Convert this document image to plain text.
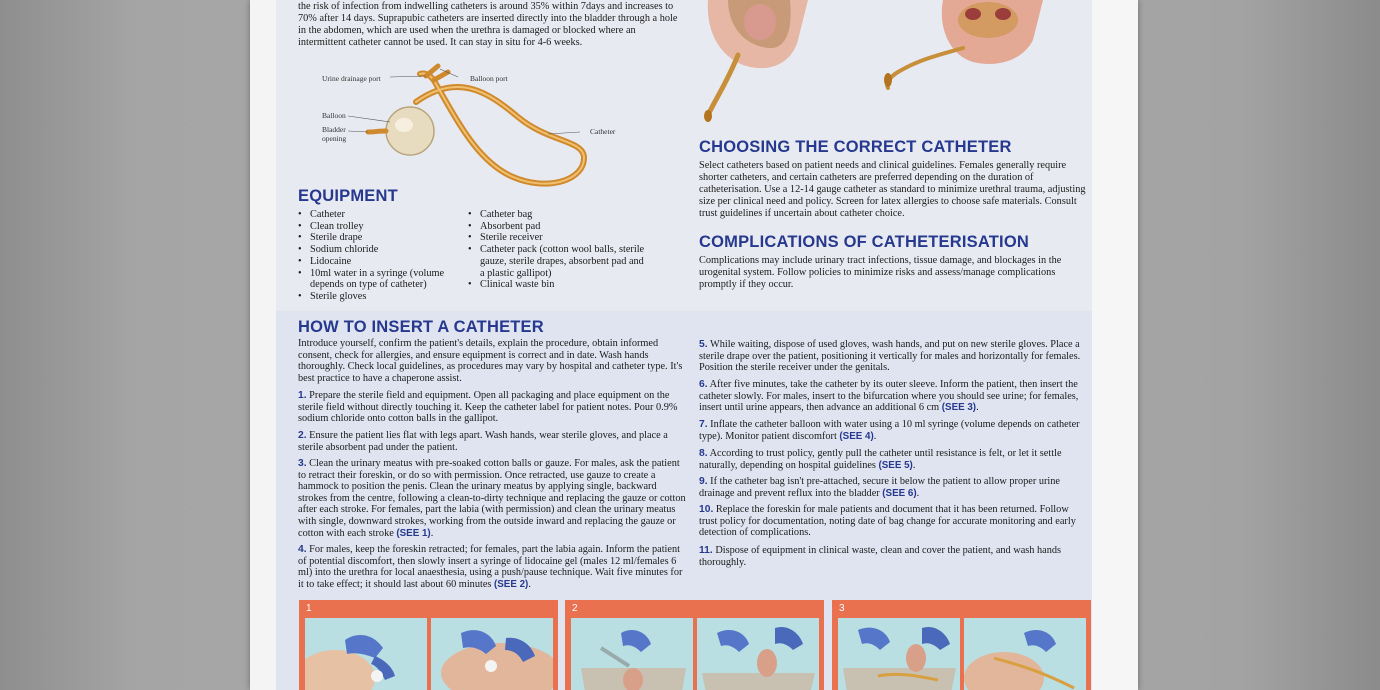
the risk of infection from indwelling catheters is around 35% within 7days and increases to 70% after 14 days. Suprapubic catheters are inserted directly into the bladder through a hole in the abdomen, which are used when the urethra is damaged or blocked where an intermittent catheter cannot be used. It can stay in situ for 4-6 weeks.
Urine drainage port	Balloon port
Balloon
Bladder
opening
Catheter
CHOOSING THE CORRECT CATHETER
Select catheters based on patient needs and clinical guidelines. Females generally require shorter catheters, and certain catheters are preferred depending on the duration of catheterisation. Use a 12-14 gauge catheter as standard to minimize urethral trauma, adjusting size per clinical need and policy. Screen for latex allergies to choose safe materials. Consult trust guidelines if uncertain about catheter choice.
COMPLICATIONS OF CATHETERISATION
Complications may include urinary tract infections, tissue damage, and blockages in the urogenital system. Follow policies to minimize risks and assess/manage complications promptly if they occur.
EQUIPMENT
• Catheter
• Clean trolley
• Sterile drape
• Sodium chloride
• Lidocaine
• 10ml water in a syringe (volume depends on type of catheter)
• Sterile gloves
• Catheter bag
• Absorbent pad
• Sterile receiver
• Catheter pack (cotton wool balls, sterile gauze, sterile drapes, absorbent pad and a plastic gallipot)
• Clinical waste bin
HOW TO INSERT A CATHETER
Introduce yourself, confirm the patient's details, explain the procedure, obtain informed consent, check for allergies, and ensure equipment is correct and in date. Wash hands thoroughly. Check local guidelines, as procedures may vary by hospital and catheter type. It's best practice to have a chaperone assist.
1. Prepare the sterile field and equipment. Open all packaging and place equipment on the sterile field without directly touching it. Keep the catheter label for patient notes. Pour 0.9% sodium chloride onto cotton balls in the gallipot.
2. Ensure the patient lies flat with legs apart. Wash hands, wear sterile gloves, and place a sterile absorbent pad under the patient.
3. Clean the urinary meatus with pre-soaked cotton balls or gauze. For males, ask the patient to retract their foreskin, or do so with permission. Once retracted, use gauze to create a hammock to position the penis. Clean the urinary meatus by applying single, backward strokes from the centre, following a clean-to-dirty technique and replacing the gauze or cotton after each stroke. For females, part the labia (with permission) and clean the urinary meatus with single, downward strokes, working from the outside inward and replacing the gauze or cotton with each stroke (SEE 1).
4. For males, keep the foreskin retracted; for females, part the labia again. Inform the patient of potential discomfort, then slowly insert a syringe of lidocaine gel (males 12 ml/females 6 ml) into the urethra for local anaesthesia, using a push/pause technique. Wait five minutes for it to take effect; it should last about 60 minutes (SEE 2).
5. While waiting, dispose of used gloves, wash hands, and put on new sterile gloves. Place a sterile drape over the patient, positioning it vertically for males and horizontally for females. Position the sterile receiver under the genitals.
6. After five minutes, take the catheter by its outer sleeve. Inform the patient, then insert the catheter slowly. For males, insert to the bifurcation where you should see urine; for females, insert until urine appears, then advance an additional 6 cm (SEE 3).
7. Inflate the catheter balloon with water using a 10 ml syringe (volume depends on catheter type). Monitor patient discomfort (SEE 4).
8. According to trust policy, gently pull the catheter until resistance is felt, or let it settle naturally, depending on hospital guidelines (SEE 5).
9. If the catheter bag isn't pre-attached, secure it below the patient to allow proper urine drainage and prevent reflux into the bladder (SEE 6).
10. Replace the foreskin for male patients and document that it has been returned. Follow trust policy for documentation, noting date of bag change for accurate monitoring and early detection of complications.
11. Dispose of equipment in clinical waste, clean and cover the patient, and wash hands thoroughly.
1	2	3
